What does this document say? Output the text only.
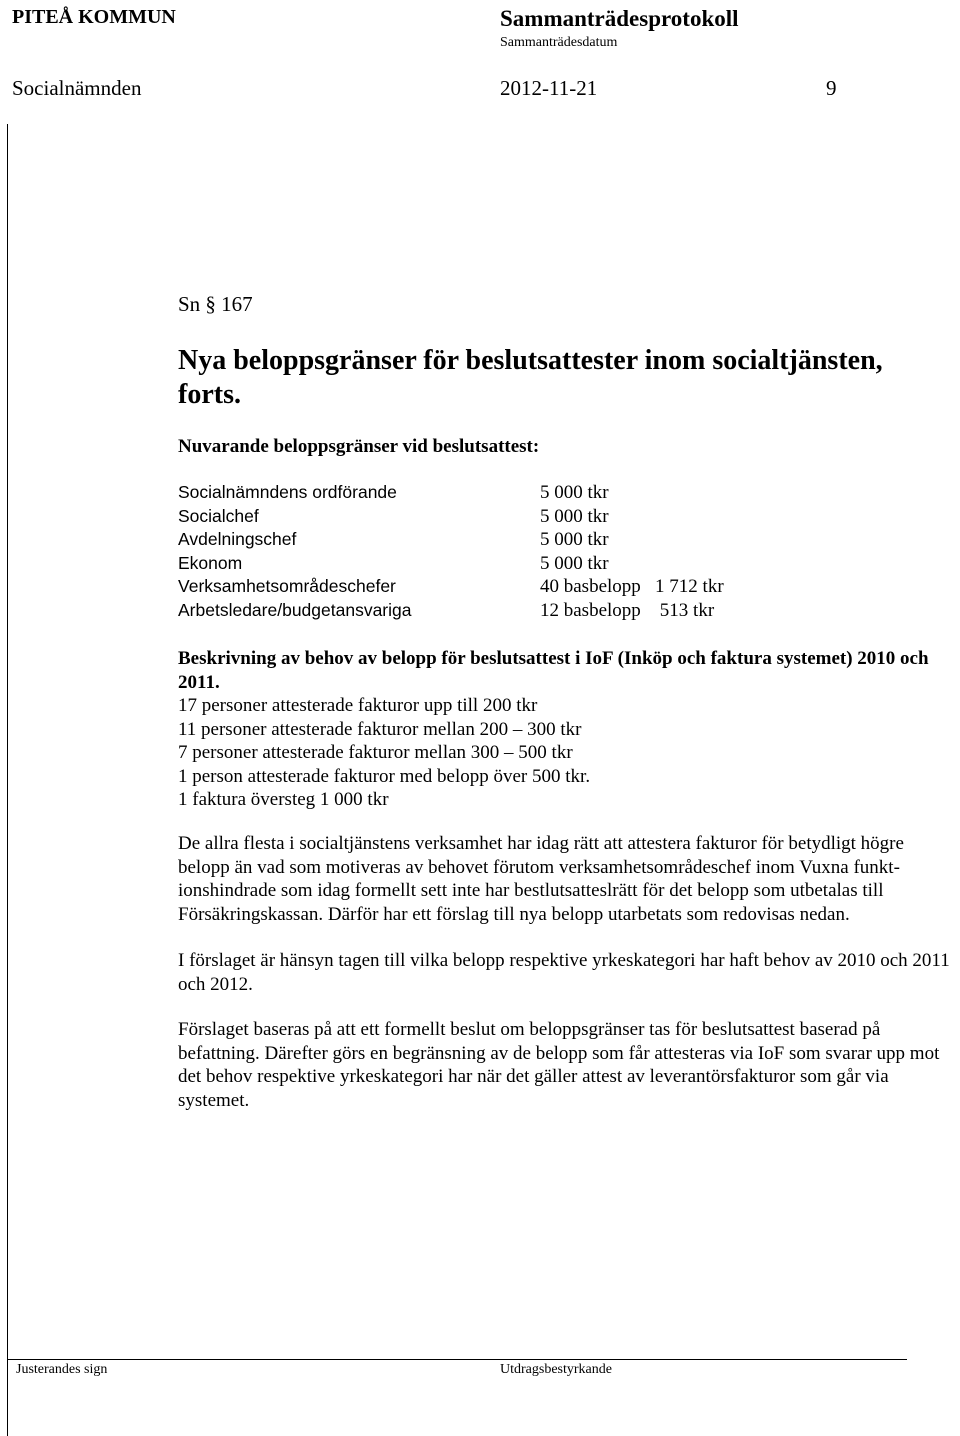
PITEÅ KOMMUN	Sammanträdesprotokoll
Sammanträdesdatum
Socialnämnden	2012-11-21	9
Sn § 167
Nya beloppsgränser för beslutsattester inom socialtjänsten, forts.
Nuvarande beloppsgränser vid beslutsattest:
Socialnämndens ordförande	5 000 tkr
Socialchef	5 000 tkr
Avdelningschef	5 000 tkr
Ekonom	5 000 tkr
Verksamhetsområdeschefer	40 basbelopp   1 712 tkr
Arbetsledare/budgetansvariga	12 basbelopp    513 tkr
Beskrivning av behov av belopp för beslutsattest i IoF (Inköp och faktura systemet) 2010 och 2011.
17 personer attesterade fakturor upp till 200 tkr
11 personer attesterade fakturor mellan 200 – 300 tkr
7 personer attesterade fakturor mellan 300 – 500 tkr
1 person attesterade fakturor med belopp över 500 tkr.
1 faktura översteg 1 000 tkr
De allra flesta i socialtjänstens verksamhet har idag rätt att attestera fakturor för betydligt högre belopp än vad som motiveras av behovet förutom verksamhetsområdeschef inom Vuxna funkt-ionshindrade som idag formellt sett inte har bestlutsatteslrätt för det belopp som utbetalas till Försäkringskassan. Därför har ett förslag till nya belopp utarbetats som redovisas nedan.
I förslaget är hänsyn tagen till vilka belopp respektive yrkeskategori har haft behov av 2010 och 2011 och 2012.
Förslaget baseras på att ett formellt beslut om beloppsgränser tas för beslutsattest baserad på befattning. Därefter görs en begränsning av de belopp som får attesteras via IoF som svarar upp mot det behov respektive yrkeskategori har när det gäller attest av leverantörsfakturor som går via systemet.
Justerandes sign	Utdragsbestyrkande
